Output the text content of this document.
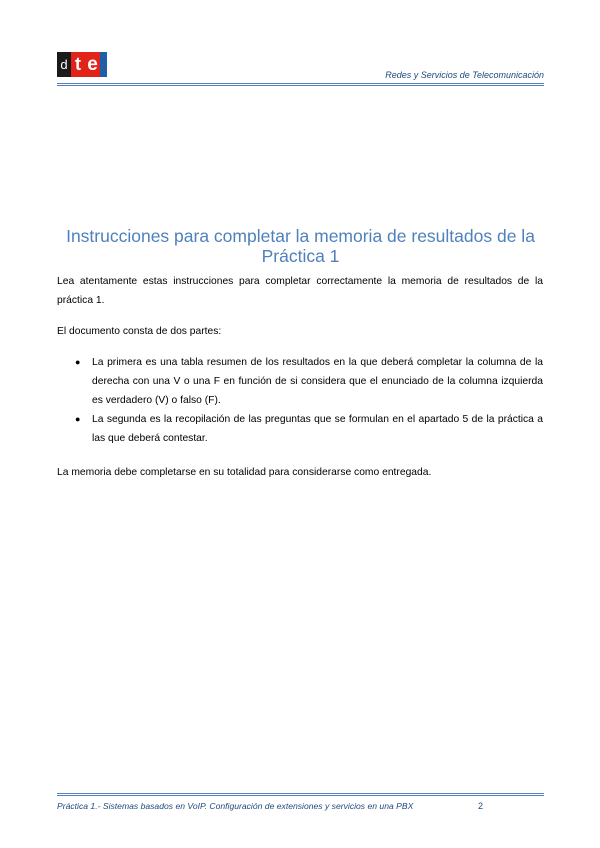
d t e
Redes y Servicios de Telecomunicación
Instrucciones para completar la memoria de resultados de la Práctica 1

Lea atentamente estas instrucciones para completar correctamente la memoria de resultados de la práctica 1.

El documento consta de dos partes:

● La primera es una tabla resumen de los resultados en la que deberá completar la columna de la derecha con una V o una F en función de si considera que el enunciado de la columna izquierda es verdadero (V) o falso (F).
● La segunda es la recopilación de las preguntas que se formulan en el apartado 5 de la práctica a las que deberá contestar.

La memoria debe completarse en su totalidad para considerarse como entregada.

Práctica 1.- Sistemas basados en VoIP. Configuración de extensiones y servicios en una PBX	2
